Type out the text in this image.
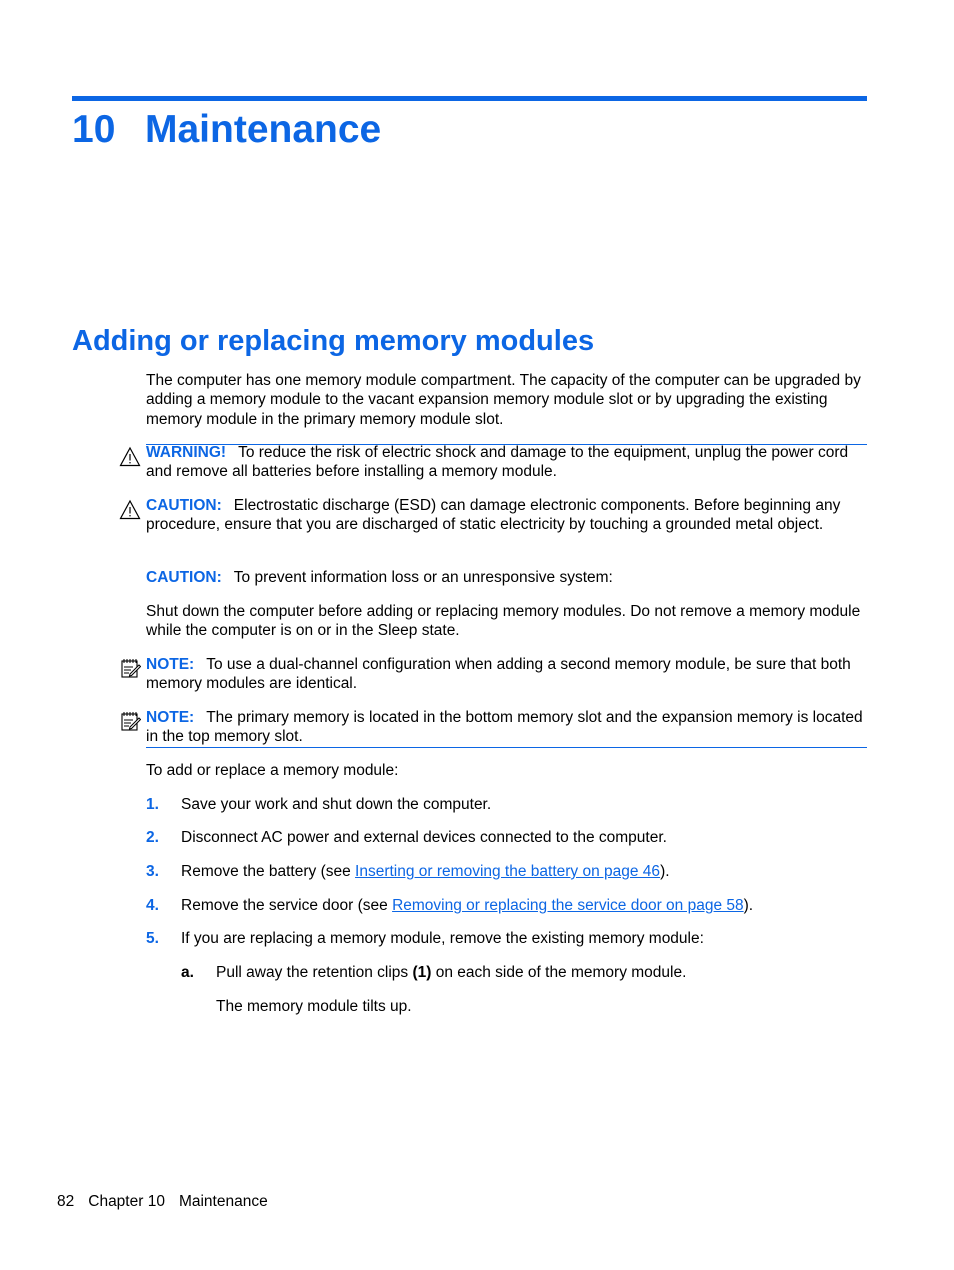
10 Maintenance
Adding or replacing memory modules

The computer has one memory module compartment. The capacity of the computer can be upgraded by adding a memory module to the vacant expansion memory module slot or by upgrading the existing memory module in the primary memory module slot.

WARNING! To reduce the risk of electric shock and damage to the equipment, unplug the power cord and remove all batteries before installing a memory module.

CAUTION: Electrostatic discharge (ESD) can damage electronic components. Before beginning any procedure, ensure that you are discharged of static electricity by touching a grounded metal object.

CAUTION: To prevent information loss or an unresponsive system:

Shut down the computer before adding or replacing memory modules. Do not remove a memory module while the computer is on or in the Sleep state.

NOTE: To use a dual-channel configuration when adding a second memory module, be sure that both memory modules are identical.

NOTE: The primary memory is located in the bottom memory slot and the expansion memory is located in the top memory slot.

To add or replace a memory module:

1. Save your work and shut down the computer.
2. Disconnect AC power and external devices connected to the computer.
3. Remove the battery (see Inserting or removing the battery on page 46).
4. Remove the service door (see Removing or replacing the service door on page 58).
5. If you are replacing a memory module, remove the existing memory module:
a. Pull away the retention clips (1) on each side of the memory module.
The memory module tilts up.
82 Chapter 10 Maintenance
